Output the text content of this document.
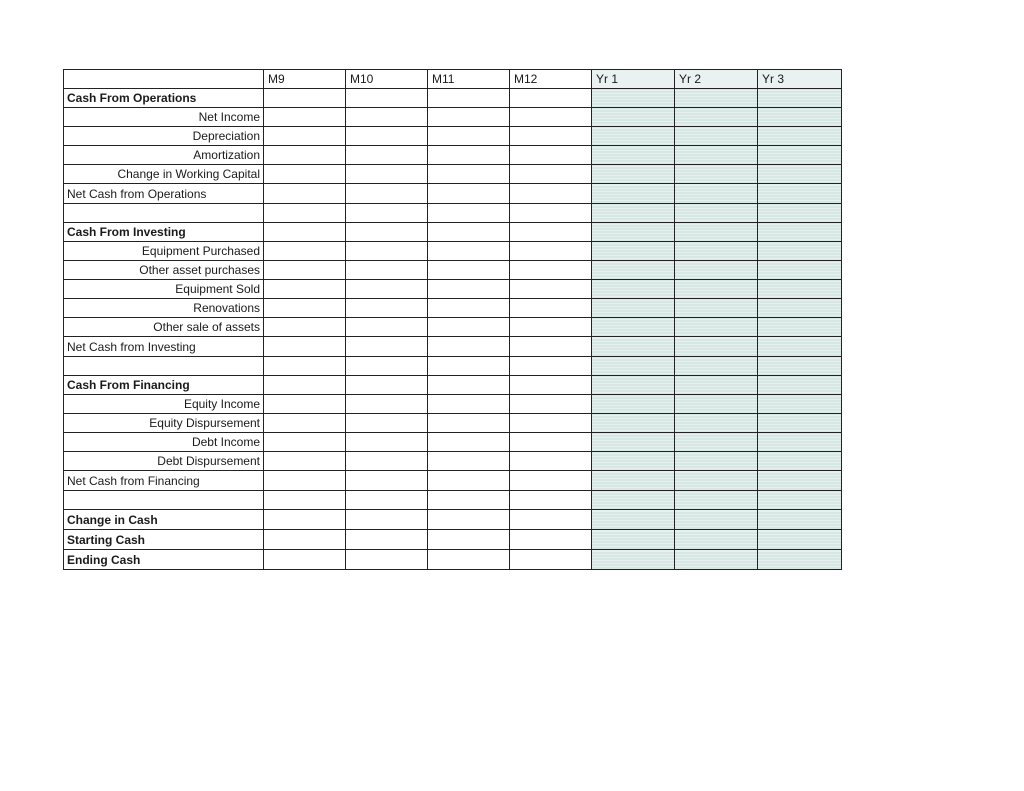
	M9	M10	M11	M12	Yr 1	Yr 2	Yr 3
Cash From Operations							
Net Income							
Depreciation							
Amortization							
Change in Working Capital							
Net Cash from Operations							

Cash From Investing							
Equipment Purchased							
Other asset purchases							
Equipment Sold							
Renovations							
Other sale of assets							
Net Cash from Investing							

Cash From Financing							
Equity Income							
Equity Dispursement							
Debt Income							
Debt Dispursement							
Net Cash from Financing							

Change in Cash							
Starting Cash							
Ending Cash							
